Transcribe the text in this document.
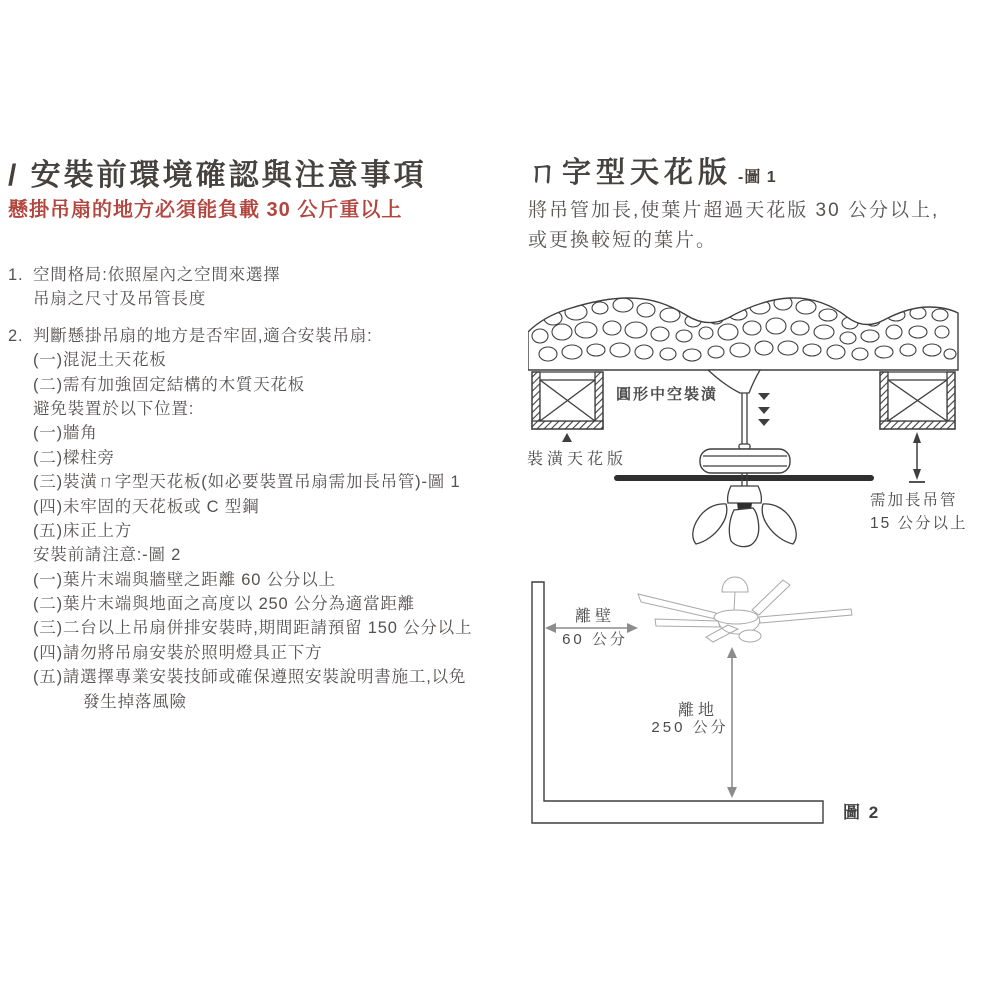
/ 安裝前環境確認與注意事項
懸掛吊扇的地方必須能負載 30 公斤重以上
1. 空間格局:依照屋內之空間來選擇
吊扇之尺寸及吊管長度
2. 判斷懸掛吊扇的地方是否牢固,適合安裝吊扇:
(一)混泥土天花板
(二)需有加強固定結構的木質天花板
避免裝置於以下位置:
(一)牆角
(二)樑柱旁
(三)裝潢ㄇ字型天花板(如必要裝置吊扇需加長吊管)-圖 1
(四)未牢固的天花板或 C 型鋼
(五)床正上方
安裝前請注意:-圖 2
(一)葉片末端與牆壁之距離 60 公分以上
(二)葉片末端與地面之高度以 250 公分為適當距離
(三)二台以上吊扇併排安裝時,期間距請預留 150 公分以上
(四)請勿將吊扇安裝於照明燈具正下方
(五)請選擇專業安裝技師或確保遵照安裝說明書施工,以免
發生掉落風險
ㄇ字型天花版 -圖 1
將吊管加長,使葉片超過天花版 30 公分以上,
或更換較短的葉片。
圓形中空裝潢
裝潢天花版
需加長吊管
15 公分以上
離壁
60 公分
離地
250 公分
圖 2
